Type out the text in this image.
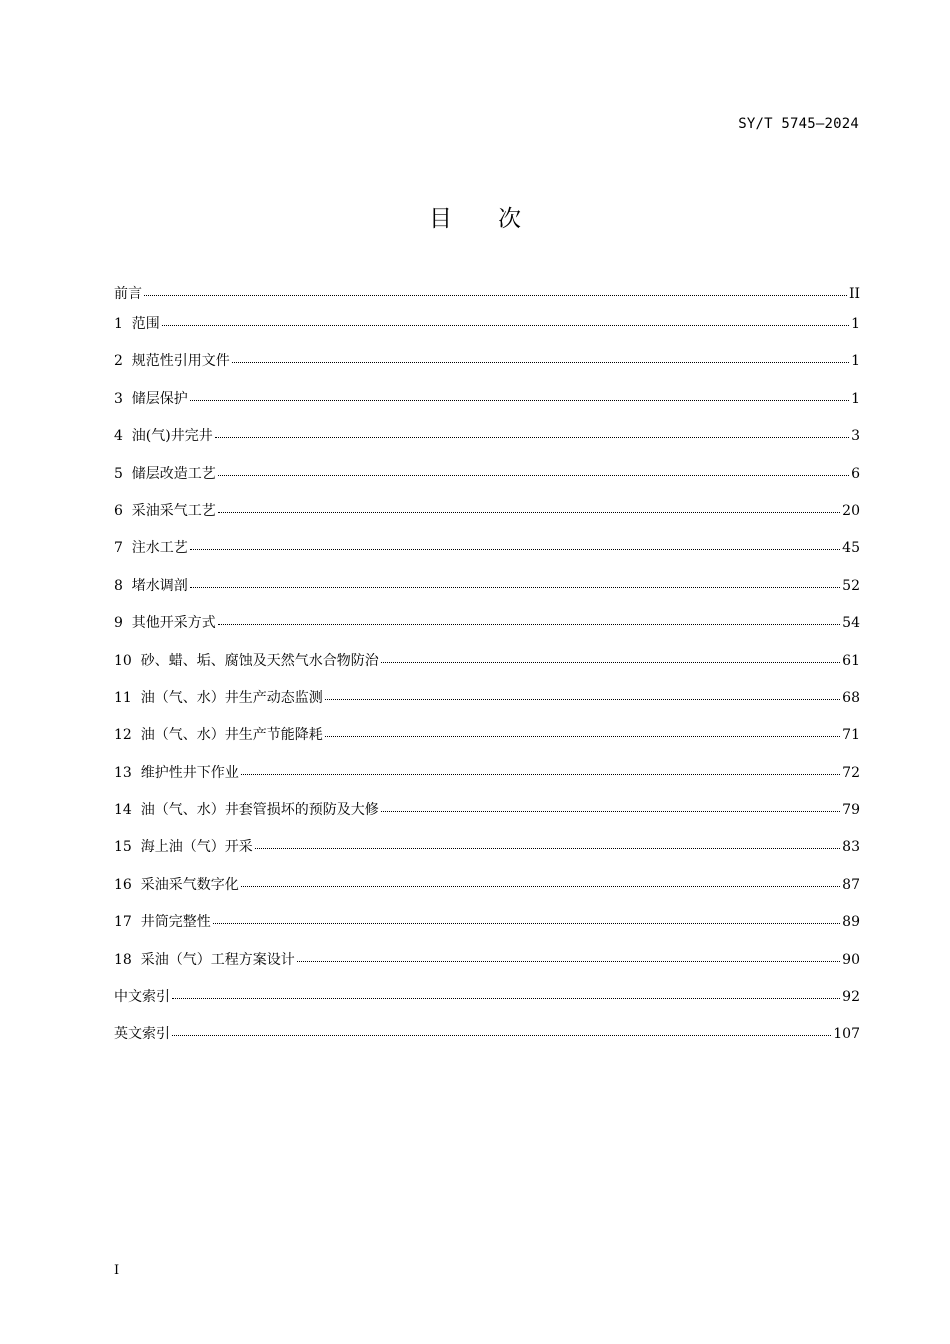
SY/T 5745—2024
目次
前言	II
1  范围	1
2  规范性引用文件	1
3  储层保护	1
4  油(气)井完井	3
5  储层改造工艺	6
6  采油采气工艺	20
7  注水工艺	45
8  堵水调剖	52
9  其他开采方式	54
10  砂、蜡、垢、腐蚀及天然气水合物防治	61
11  油（气、水）井生产动态监测	68
12  油（气、水）井生产节能降耗	71
13  维护性井下作业	72
14  油（气、水）井套管损坏的预防及大修	79
15  海上油（气）开采	83
16  采油采气数字化	87
17  井筒完整性	89
18  采油（气）工程方案设计	90
中文索引	92
英文索引	107
I
